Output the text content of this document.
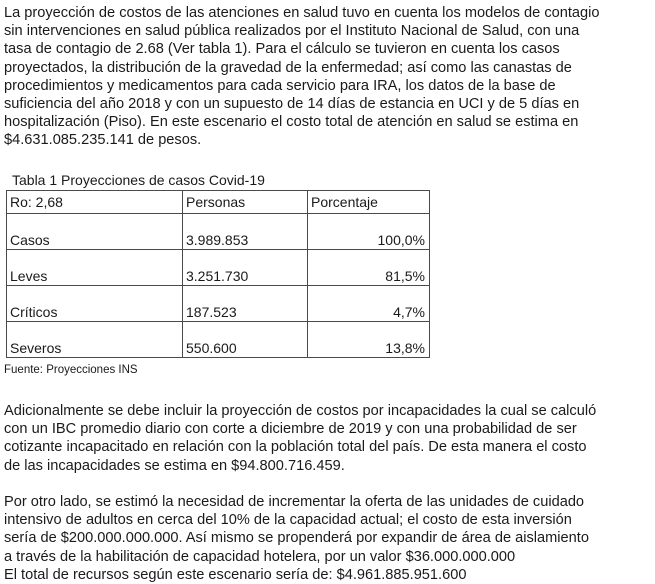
La proyección de costos de las atenciones en salud tuvo en cuenta los modelos de contagio
sin intervenciones en salud pública realizados por el Instituto Nacional de Salud, con una
tasa de contagio de 2.68 (Ver tabla 1). Para el cálculo se tuvieron en cuenta los casos
proyectados, la distribución de la gravedad de la enfermedad; así como las canastas de
procedimientos y medicamentos para cada servicio para IRA, los datos de la base de
suficiencia del año 2018 y con un supuesto de 14 días de estancia en UCI y de 5 días en
hospitalización (Piso). En este escenario el costo total de atención en salud se estima en
$4.631.085.235.141 de pesos.
Tabla 1 Proyecciones de casos Covid-19
Ro: 2,68	Personas	Porcentaje
Casos	3.989.853	100,0%
Leves	3.251.730	81,5%
Críticos	187.523	4,7%
Severos	550.600	13,8%
Fuente: Proyecciones INS
Adicionalmente se debe incluir la proyección de costos por incapacidades la cual se calculó
con un IBC promedio diario con corte a diciembre de 2019 y con una probabilidad de ser
cotizante incapacitado en relación con la población total del país. De esta manera el costo
de las incapacidades se estima en $94.800.716.459.
Por otro lado, se estimó la necesidad de incrementar la oferta de las unidades de cuidado
intensivo de adultos en cerca del 10% de la capacidad actual; el costo de esta inversión
sería de $200.000.000.000. Así mismo se propenderá por expandir de área de aislamiento
a través de la habilitación de capacidad hotelera, por un valor $36.000.000.000
El total de recursos según este escenario sería de: $4.961.885.951.600
